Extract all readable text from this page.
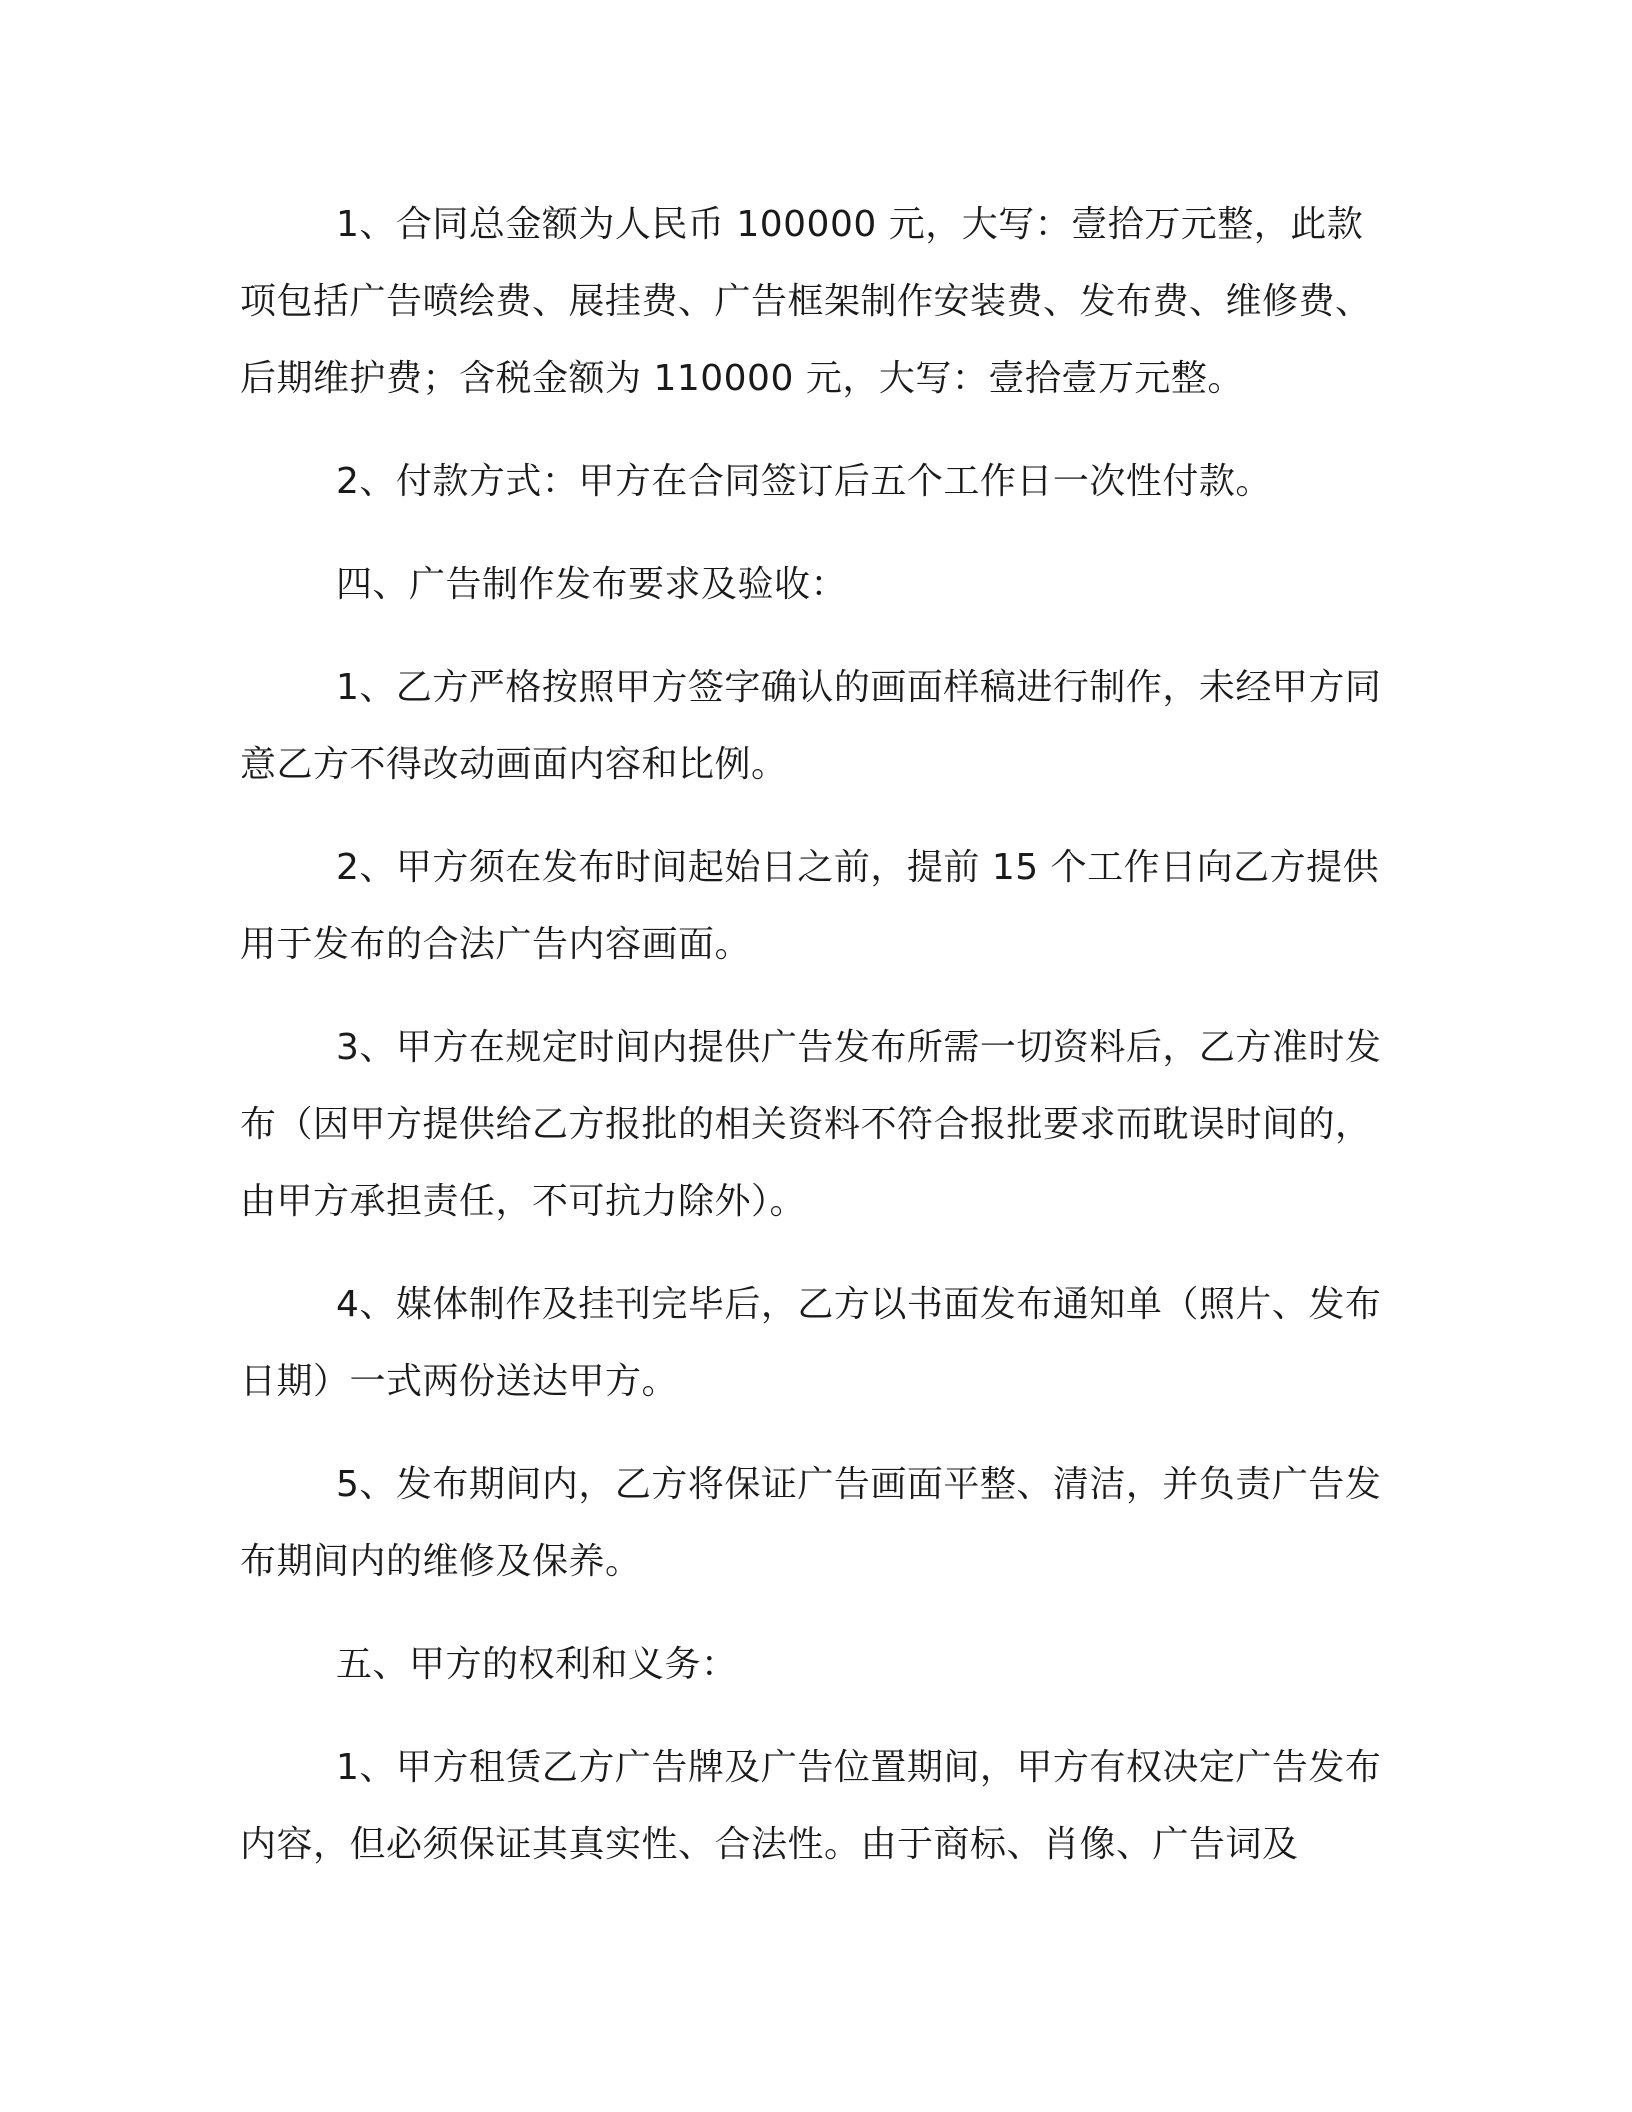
1、合同总金额为人民币 100000 元，大写：壹拾万元整，此款项包括广告喷绘费、展挂费、广告框架制作安装费、发布费、维修费、后期维护费；含税金额为 110000 元，大写：壹拾壹万元整。

2、付款方式：甲方在合同签订后五个工作日一次性付款。

四、广告制作发布要求及验收：

1、乙方严格按照甲方签字确认的画面样稿进行制作，未经甲方同意乙方不得改动画面内容和比例。

2、甲方须在发布时间起始日之前，提前 15 个工作日向乙方提供用于发布的合法广告内容画面。

3、甲方在规定时间内提供广告发布所需一切资料后，乙方准时发布（因甲方提供给乙方报批的相关资料不符合报批要求而耽误时间的，由甲方承担责任，不可抗力除外）。

4、媒体制作及挂刊完毕后，乙方以书面发布通知单（照片、发布日期）一式两份送达甲方。

5、发布期间内，乙方将保证广告画面平整、清洁，并负责广告发布期间内的维修及保养。

五、甲方的权利和义务：

1、甲方租赁乙方广告牌及广告位置期间，甲方有权决定广告发布内容，但必须保证其真实性、合法性。由于商标、肖像、广告词及
